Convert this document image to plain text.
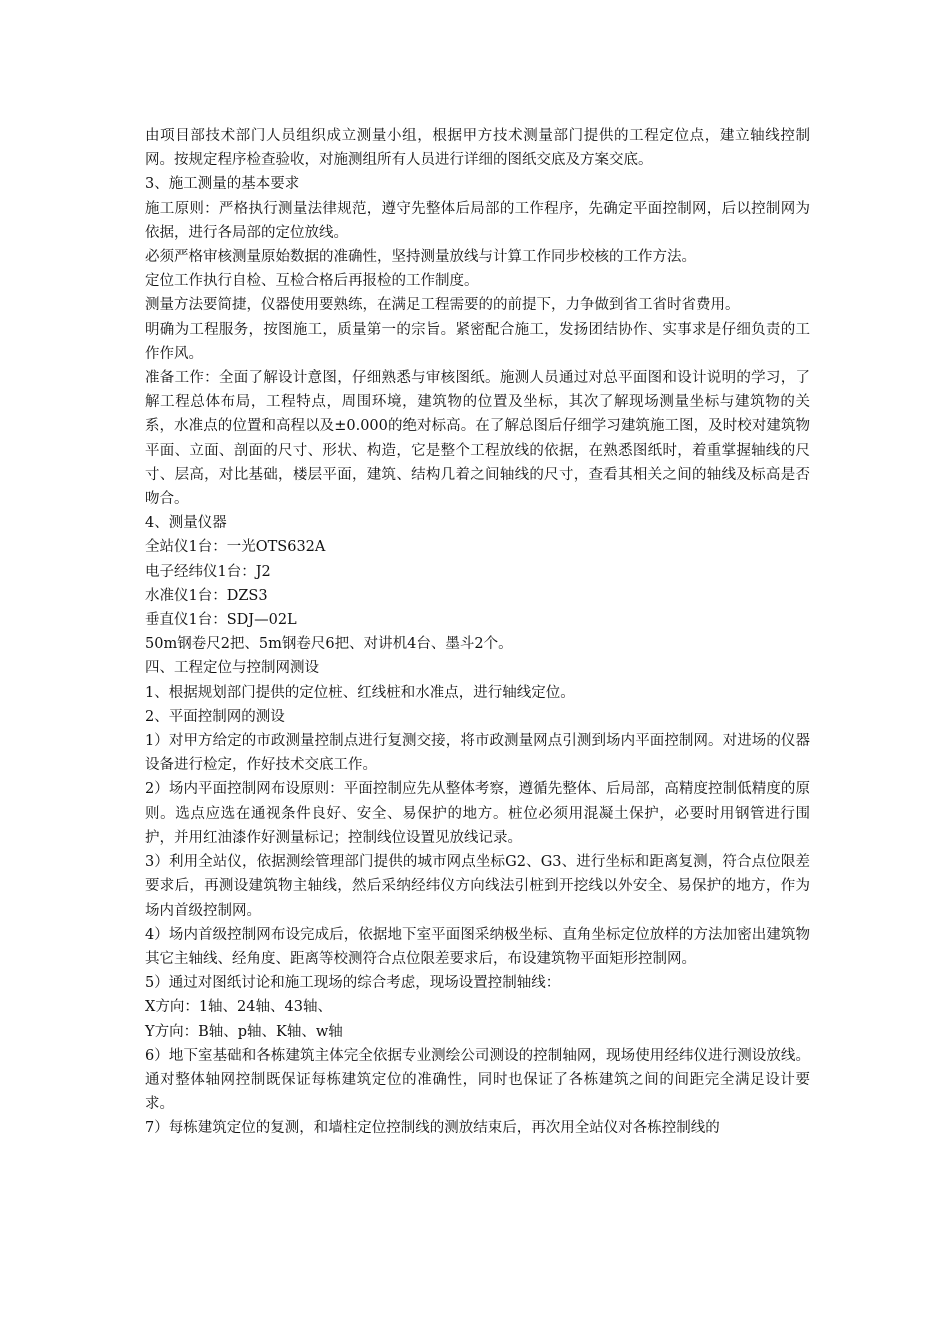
由项目部技术部门人员组织成立测量小组，根据甲方技术测量部门提供的工程定位点，建立轴线控制网。按规定程序检查验收，对施测组所有人员进行详细的图纸交底及方案交底。

3、施工测量的基本要求

施工原则：严格执行测量法律规范，遵守先整体后局部的工作程序，先确定平面控制网，后以控制网为依据，进行各局部的定位放线。

必须严格审核测量原始数据的准确性，坚持测量放线与计算工作同步校核的工作方法。

定位工作执行自检、互检合格后再报检的工作制度。

测量方法要简捷，仪器使用要熟练，在满足工程需要的的前提下，力争做到省工省时省费用。

明确为工程服务，按图施工，质量第一的宗旨。紧密配合施工，发扬团结协作、实事求是仔细负责的工作作风。

准备工作：全面了解设计意图，仔细熟悉与审核图纸。施测人员通过对总平面图和设计说明的学习，了解工程总体布局，工程特点，周围环境，建筑物的位置及坐标，其次了解现场测量坐标与建筑物的关系，水准点的位置和高程以及±0.000的绝对标高。在了解总图后仔细学习建筑施工图，及时校对建筑物平面、立面、剖面的尺寸、形状、构造，它是整个工程放线的依据，在熟悉图纸时，着重掌握轴线的尺寸、层高，对比基础，楼层平面，建筑、结构几着之间轴线的尺寸，查看其相关之间的轴线及标高是否吻合。

4、测量仪器

全站仪1台：一光OTS632A

电子经纬仪1台：J2

水准仪1台：DZS3

垂直仪1台：SDJ—02L

50m钢卷尺2把、5m钢卷尺6把、对讲机4台、墨斗2个。

四、工程定位与控制网测设

1、根据规划部门提供的定位桩、红线桩和水准点，进行轴线定位。

2、平面控制网的测设

1）对甲方给定的市政测量控制点进行复测交接，将市政测量网点引测到场内平面控制网。对进场的仪器设备进行检定，作好技术交底工作。

2）场内平面控制网布设原则：平面控制应先从整体考察，遵循先整体、后局部，高精度控制低精度的原则。选点应选在通视条件良好、安全、易保护的地方。桩位必须用混凝土保护，必要时用钢管进行围护，并用红油漆作好测量标记；控制线位设置见放线记录。

3）利用全站仪，依据测绘管理部门提供的城市网点坐标G2、G3、进行坐标和距离复测，符合点位限差要求后，再测设建筑物主轴线，然后采纳经纬仪方向线法引桩到开挖线以外安全、易保护的地方，作为场内首级控制网。

4）场内首级控制网布设完成后，依据地下室平面图采纳极坐标、直角坐标定位放样的方法加密出建筑物其它主轴线、经角度、距离等校测符合点位限差要求后，布设建筑物平面矩形控制网。

5）通过对图纸讨论和施工现场的综合考虑，现场设置控制轴线：

X方向：1轴、24轴、43轴、

Y方向：B轴、p轴、K轴、w轴

6）地下室基础和各栋建筑主体完全依据专业测绘公司测设的控制轴网，现场使用经纬仪进行测设放线。通对整体轴网控制既保证每栋建筑定位的准确性，同时也保证了各栋建筑之间的间距完全满足设计要求。

7）每栋建筑定位的复测，和墙柱定位控制线的测放结束后，再次用全站仪对各栋控制线的
